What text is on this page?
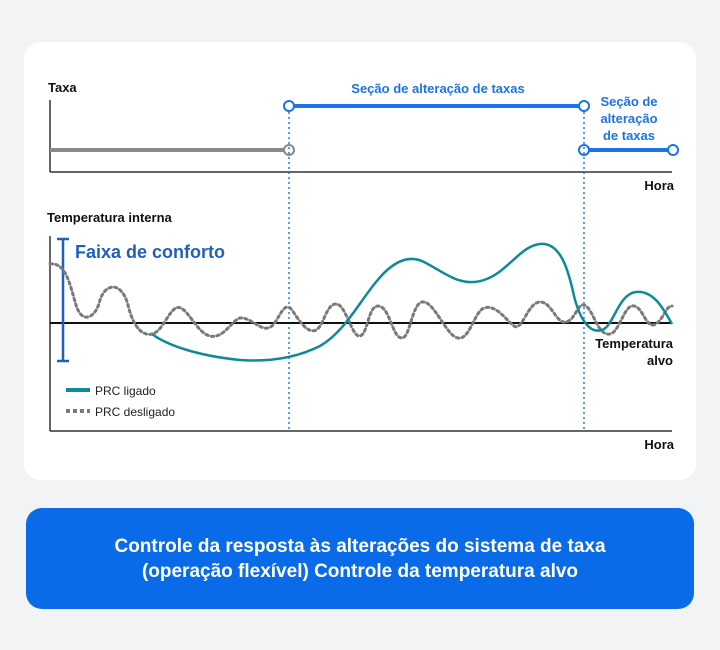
Taxa
Hora
Seção de alteração de taxas
Seção de
alteração
de taxas
Temperatura interna
Hora
Temperatura
alvo
Faixa de conforto
PRC ligado
PRC desligado
Controle da resposta às alterações do sistema de taxa
(operação flexível) Controle da temperatura alvo
